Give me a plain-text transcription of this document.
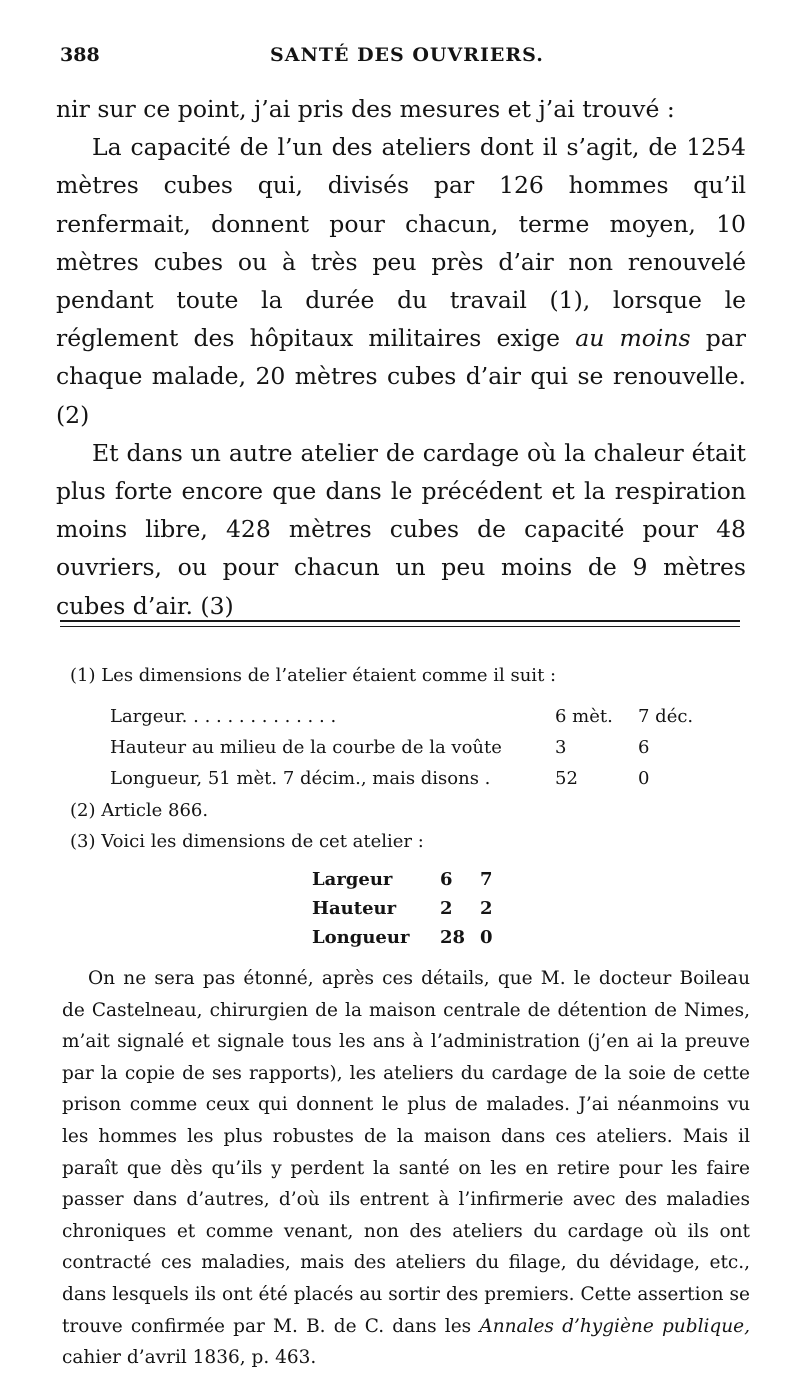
388	SANTÉ DES OUVRIERS.

nir sur ce point, j’ai pris des mesures et j’ai trouvé :

La capacité de l’un des ateliers dont il s’agit, de 1254 mètres cubes qui, divisés par 126 hommes qu’il renfermait, donnent pour chacun, terme moyen, 10 mètres cubes ou à très peu près d’air non renouvelé pendant toute la durée du travail (1), lorsque le réglement des hôpitaux militaires exige au moins par chaque malade, 20 mètres cubes d’air qui se renouvelle. (2)

Et dans un autre atelier de cardage où la chaleur était plus forte encore que dans le précédent et la respiration moins libre, 428 mètres cubes de capacité pour 48 ouvriers, ou pour chacun un peu moins de 9 mètres cubes d’air. (3)

(1) Les dimensions de l’atelier étaient comme il suit :

Largeur. . . . . . . . . . . . . .	6 mèt. 7 déc.
Hauteur au milieu de la courbe de la voûte	3	6
Longueur, 51 mèt. 7 décim., mais disons .	52	0

(2) Article 866.

(3) Voici les dimensions de cet atelier :

Largeur	6 7
Hauteur 2 2
Longueur 28 0

On ne sera pas étonné, après ces détails, que M. le docteur Boileau de Castelneau, chirurgien de la maison centrale de détention de Nimes, m’ait signalé et signale tous les ans à l’administration (j’en ai la preuve par la copie de ses rapports), les ateliers du cardage de la soie de cette prison comme ceux qui donnent le plus de malades. J’ai néanmoins vu les hommes les plus robustes de la maison dans ces ateliers. Mais il paraît que dès qu’ils y perdent la santé on les en retire pour les faire passer dans d’autres, d’où ils entrent à l’infirmerie avec des maladies chroniques et comme venant, non des ateliers du cardage où ils ont contracté ces maladies, mais des ateliers du filage, du dévidage, etc., dans lesquels ils ont été placés au sortir des premiers. Cette assertion se trouve confirmée par M. B. de C. dans les Annales d’hygiène publique, cahier d’avril 1836, p. 463.
